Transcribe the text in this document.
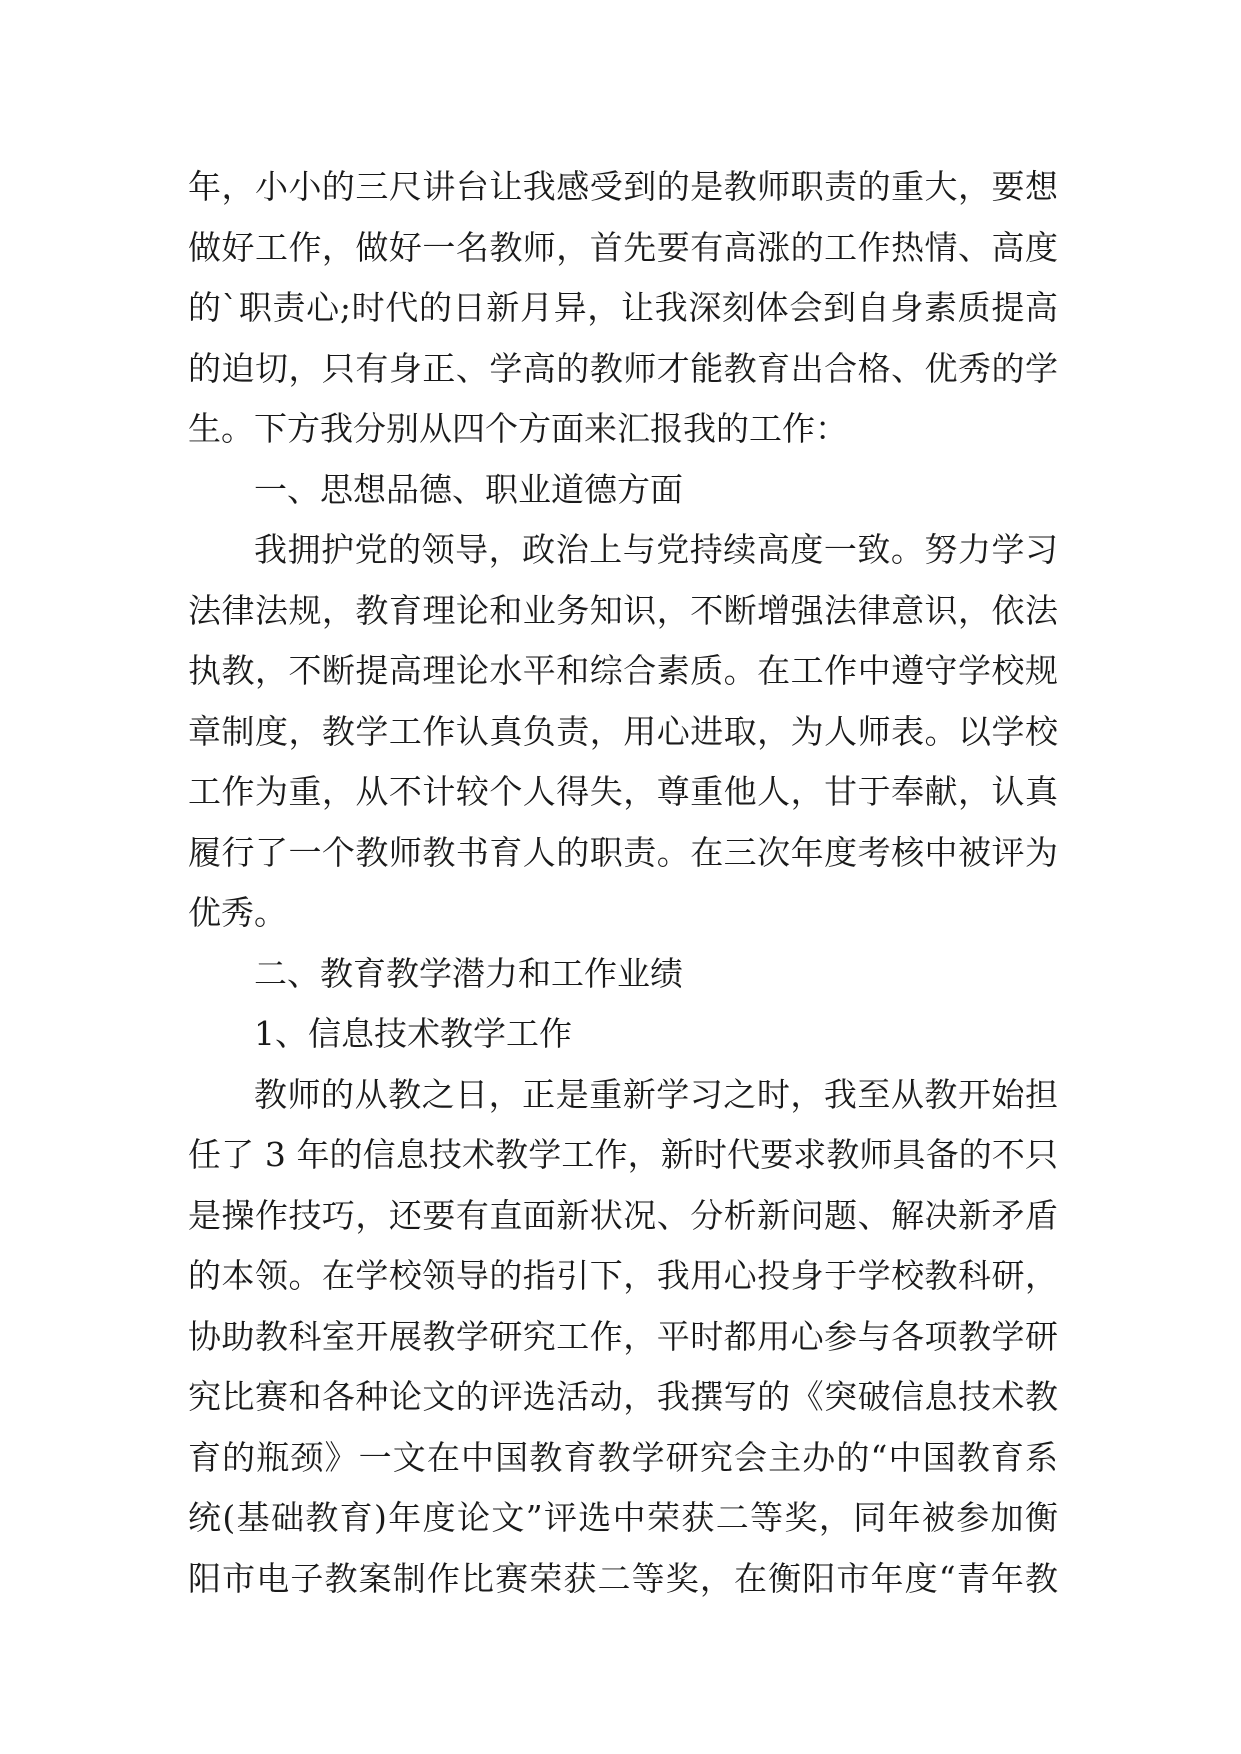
年，小小的三尺讲台让我感受到的是教师职责的重大，要想
做好工作，做好一名教师，首先要有高涨的工作热情、高度
的`职责心;时代的日新月异，让我深刻体会到自身素质提高
的迫切，只有身正、学高的教师才能教育出合格、优秀的学
生。下方我分别从四个方面来汇报我的工作：
一、思想品德、职业道德方面
我拥护党的领导，政治上与党持续高度一致。努力学习
法律法规，教育理论和业务知识，不断增强法律意识，依法
执教，不断提高理论水平和综合素质。在工作中遵守学校规
章制度，教学工作认真负责，用心进取，为人师表。以学校
工作为重，从不计较个人得失，尊重他人，甘于奉献，认真
履行了一个教师教书育人的职责。在三次年度考核中被评为
优秀。
二、教育教学潜力和工作业绩
1、信息技术教学工作
教师的从教之日，正是重新学习之时，我至从教开始担
任了 3 年的信息技术教学工作，新时代要求教师具备的不只
是操作技巧，还要有直面新状况、分析新问题、解决新矛盾
的本领。在学校领导的指引下，我用心投身于学校教科研，
协助教科室开展教学研究工作，平时都用心参与各项教学研
究比赛和各种论文的评选活动，我撰写的《突破信息技术教
育的瓶颈》一文在中国教育教学研究会主办的“中国教育系
统(基础教育)年度论文”评选中荣获二等奖，同年被参加衡
阳市电子教案制作比赛荣获二等奖，在衡阳市年度“青年教
